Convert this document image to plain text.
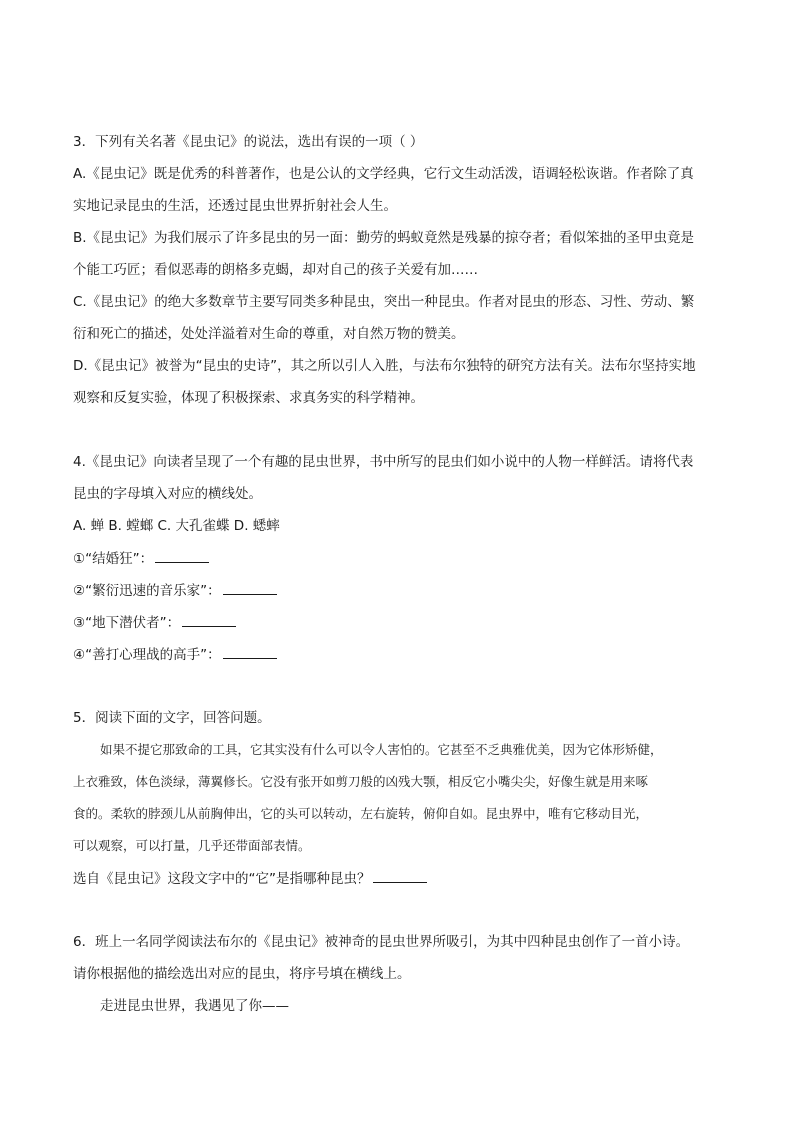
3．下列有关名著《昆虫记》的说法，选出有误的一项（ ）
A.《昆虫记》既是优秀的科普著作，也是公认的文学经典，它行文生动活泼，语调轻松诙谐。作者除了真
实地记录昆虫的生活，还透过昆虫世界折射社会人生。
B.《昆虫记》为我们展示了许多昆虫的另一面：勤劳的蚂蚁竟然是残暴的掠夺者；看似笨拙的圣甲虫竟是
个能工巧匠；看似恶毒的朗格多克蝎，却对自己的孩子关爱有加……
C.《昆虫记》的绝大多数章节主要写同类多种昆虫，突出一种昆虫。作者对昆虫的形态、习性、劳动、繁
衍和死亡的描述，处处洋溢着对生命的尊重，对自然万物的赞美。
D.《昆虫记》被誉为“昆虫的史诗”，其之所以引人入胜，与法布尔独特的研究方法有关。法布尔坚持实地
观察和反复实验，体现了积极探索、求真务实的科学精神。
4.《昆虫记》向读者呈现了一个有趣的昆虫世界，书中所写的昆虫们如小说中的人物一样鲜活。请将代表
昆虫的字母填入对应的横线处。
A. 蝉 B. 螳螂 C. 大孔雀蝶 D. 蟋蟀
①“结婚狂”：
②“繁衍迅速的音乐家”：
③“地下潜伏者”：
④“善打心理战的高手”：
5．阅读下面的文字，回答问题。
如果不提它那致命的工具，它其实没有什么可以令人害怕的。它甚至不乏典雅优美，因为它体形矫健，
上衣雅致，体色淡绿，薄翼修长。它没有张开如剪刀般的凶残大颚，相反它小嘴尖尖，好像生就是用来啄
食的。柔软的脖颈儿从前胸伸出，它的头可以转动，左右旋转，俯仰自如。昆虫界中，唯有它移动目光，
可以观察，可以打量，几乎还带面部表情。
选自《昆虫记》这段文字中的“它”是指哪种昆虫？
6．班上一名同学阅读法布尔的《昆虫记》被神奇的昆虫世界所吸引，为其中四种昆虫创作了一首小诗。
请你根据他的描绘选出对应的昆虫，将序号填在横线上。
走进昆虫世界，我遇见了你——
